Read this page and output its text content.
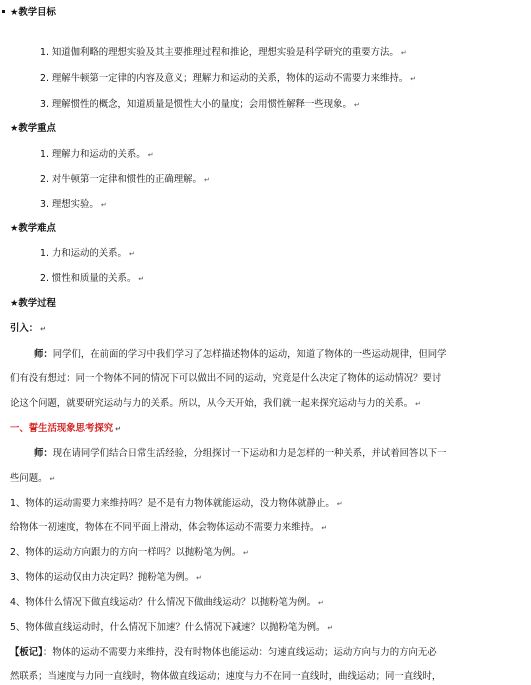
★教学目标
1. 知道伽利略的理想实验及其主要推理过程和推论，理想实验是科学研究的重要方法。 ↵
2. 理解牛顿第一定律的内容及意义；理解力和运动的关系，物体的运动不需要力来维持。 ↵
3. 理解惯性的概念，知道质量是惯性大小的量度；会用惯性解释一些现象。 ↵
★教学重点
1. 理解力和运动的关系。 ↵
2. 对牛顿第一定律和惯性的正确理解。 ↵
3. 理想实验。 ↵
★教学难点
1. 力和运动的关系。 ↵
2. 惯性和质量的关系。 ↵
★教学过程
引入： ↵
师：同学们，在前面的学习中我们学习了怎样描述物体的运动，知道了物体的一些运动规律，但同学
们有没有想过：同一个物体不同的情况下可以做出不同的运动，究竟是什么决定了物体的运动情况？要讨
论这个问题，就要研究运动与力的关系。所以，从今天开始，我们就一起来探究运动与力的关系。 ↵
一、誓生活现象思考探究 ↵
师：现在请同学们结合日常生活经验，分组探讨一下运动和力是怎样的一种关系，并试着回答以下一
些问题。 ↵
1、物体的运动需要力来维持吗？是不是有力物体就能运动，没力物体就静止。 ↵
给物体一初速度，物体在不同平面上滑动，体会物体运动不需要力来维持。 ↵
2、物体的运动方向跟力的方向一样吗？以抛粉笔为例。 ↵
3、物体的运动仅由力决定吗？抛粉笔为例。 ↵
4、物体什么情况下做直线运动？什么情况下做曲线运动？以抛粉笔为例。 ↵
5、物体做直线运动时，什么情况下加速？什么情况下减速？以抛粉笔为例。 ↵
【板记】：物体的运动不需要力来维持，没有时物体也能运动：匀速直线运动；运动方向与力的方向无必
然联系；当速度与力同一直线时，物体做直线运动；速度与力不在同一直线时，曲线运动；同一直线时，
